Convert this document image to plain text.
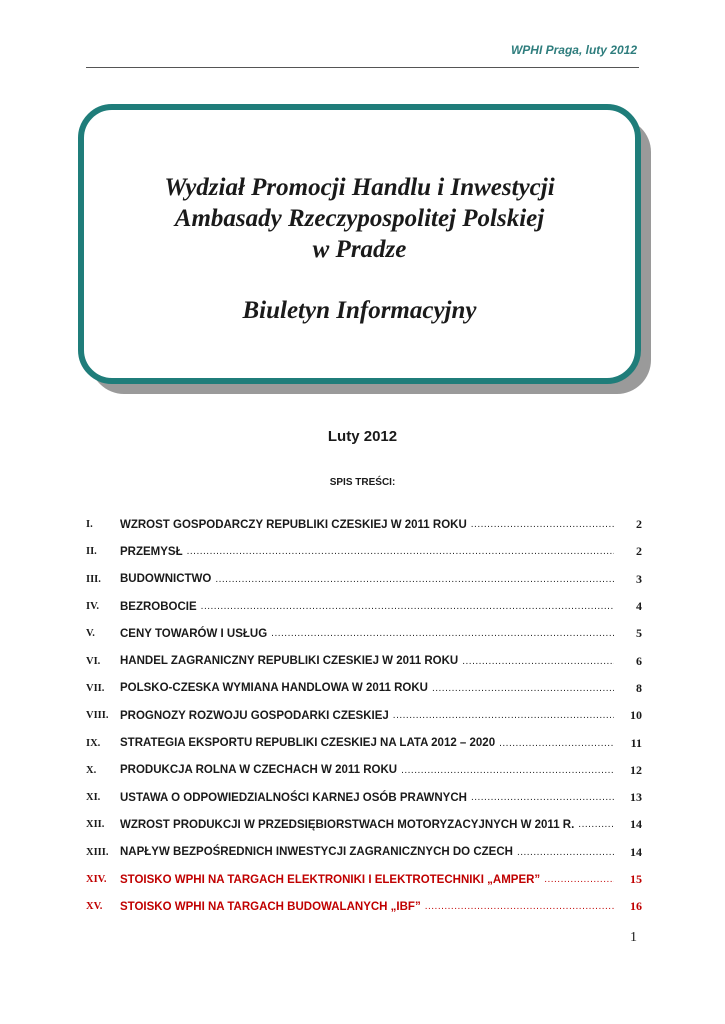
WPHI Praga, luty 2012
Wydział Promocji Handlu i Inwestycji
Ambasady Rzeczypospolitej Polskiej
w Pradze
Biuletyn Informacyjny
Luty 2012
SPIS TREŚCI:
I.	WZROST GOSPODARCZY REPUBLIKI CZESKIEJ W 2011 ROKU .....	2
II.	PRZEMYSŁ .....	2
III.	BUDOWNICTWO .....	3
IV.	BEZROBOCIE .....	4
V.	CENY TOWARÓW I USŁUG .....	5
VI.	HANDEL ZAGRANICZNY REPUBLIKI CZESKIEJ W 2011 ROKU .....	6
VII.	POLSKO-CZESKA WYMIANA HANDLOWA W 2011 ROKU .....	8
VIII.	PROGNOZY ROZWOJU GOSPODARKI CZESKIEJ .....	10
IX.	STRATEGIA EKSPORTU REPUBLIKI CZESKIEJ NA LATA 2012 – 2020 .....	11
X.	PRODUKCJA ROLNA W CZECHACH W 2011 ROKU .....	12
XI.	USTAWA O ODPOWIEDZIALNOŚCI KARNEJ OSÓB PRAWNYCH .....	13
XII.	WZROST PRODUKCJI W PRZEDSIĘBIORSTWACH MOTORYZACYJNYCH W 2011 R. .....	14
XIII.	NAPŁYW BEZPOŚREDNICH INWESTYCJI ZAGRANICZNYCH DO CZECH .....	14
XIV.	STOISKO WPHI NA TARGACH ELEKTRONIKI I ELEKTROTECHNIKI „AMPER” .....	15
XV.	STOISKO WPHI NA TARGACH BUDOWALANYCH „IBF” .....	16
1
